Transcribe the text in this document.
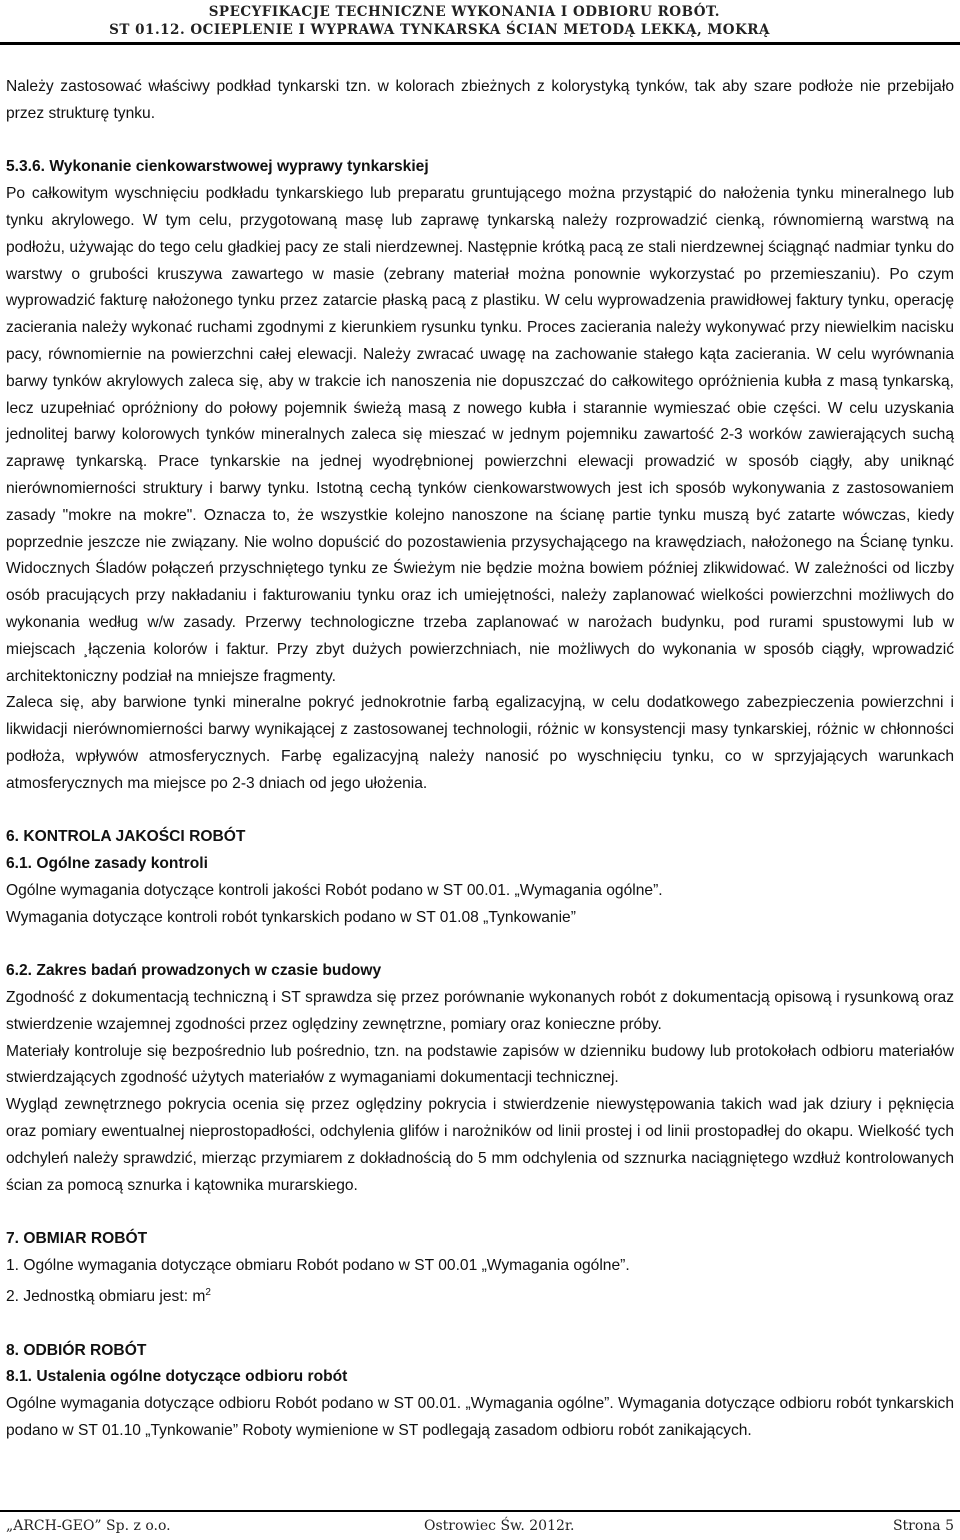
SPECYFIKACJE TECHNICZNE WYKONANIA I ODBIORU ROBÓT.
ST 01.12. OCIEPLENIE I WYPRAWA TYNKARSKA ŚCIAN METODĄ LEKKĄ, MOKRĄ

Należy zastosować właściwy podkład tynkarski tzn. w kolorach zbieżnych z kolorystyką tynków, tak aby szare podłoże nie przebijało przez strukturę tynku.

5.3.6. Wykonanie cienkowarstwowej wyprawy tynkarskiej

Po całkowitym wyschnięciu podkładu tynkarskiego lub preparatu gruntującego można przystąpić do nałożenia tynku mineralnego lub tynku akrylowego. W tym celu, przygotowaną masę lub zaprawę tynkarską należy rozprowadzić cienką, równomierną warstwą na podłożu, używając do tego celu gładkiej pacy ze stali nierdzewnej. Następnie krótką pacą ze stali nierdzewnej ściągnąć nadmiar tynku do warstwy o grubości kruszywa zawartego w masie (zebrany materiał można ponownie wykorzystać po przemieszaniu). Po czym wyprowadzić fakturę nałożonego tynku przez zatarcie płaską pacą z plastiku. W celu wyprowadzenia prawidłowej faktury tynku, operację zacierania należy wykonać ruchami zgodnymi z kierunkiem rysunku tynku. Proces zacierania należy wykonywać przy niewielkim nacisku pacy, równomiernie na powierzchni całej elewacji. Należy zwracać uwagę na zachowanie stałego kąta zacierania. W celu wyrównania barwy tynków akrylowych zaleca się, aby w trakcie ich nanoszenia nie dopuszczać do całkowitego opróżnienia kubła z masą tynkarską, lecz uzupełniać opróżniony do połowy pojemnik świeżą masą z nowego kubła i starannie wymieszać obie części. W celu uzyskania jednolitej barwy kolorowych tynków mineralnych zaleca się mieszać w jednym pojemniku zawartość 2-3 worków zawierających suchą zaprawę tynkarską. Prace tynkarskie na jednej wyodrębnionej powierzchni elewacji prowadzić w sposób ciągły, aby uniknąć nierównomierności struktury i barwy tynku. Istotną cechą tynków cienkowarstwowych jest ich sposób wykonywania z zastosowaniem zasady "mokre na mokre". Oznacza to, że wszystkie kolejno nanoszone na ścianę partie tynku muszą być zatarte wówczas, kiedy poprzednie jeszcze nie związany. Nie wolno dopuścić do pozostawienia przysychającego na krawędziach, nałożonego na Ścianę tynku. Widocznych Śladów połączeń przyschniętego tynku ze Świeżym nie będzie można bowiem później zlikwidować. W zależności od liczby osób pracujących przy nakładaniu i fakturowaniu tynku oraz ich umiejętności, należy zaplanować wielkości powierzchni możliwych do wykonania według w/w zasady. Przerwy technologiczne trzeba zaplanować w narożach budynku, pod rurami spustowymi lub w miejscach ¸łączenia kolorów i faktur. Przy zbyt dużych powierzchniach, nie możliwych do wykonania w sposób ciągły, wprowadzić architektoniczny podział na mniejsze fragmenty.

Zaleca się, aby barwione tynki mineralne pokryć jednokrotnie farbą egalizacyjną, w celu dodatkowego zabezpieczenia powierzchni i likwidacji nierównomierności barwy wynikającej z zastosowanej technologii, różnic w konsystencji masy tynkarskiej, różnic w chłonności podłoża, wpływów atmosferycznych. Farbę egalizacyjną należy nanosić po wyschnięciu tynku, co w sprzyjających warunkach atmosferycznych ma miejsce po 2-3 dniach od jego ułożenia.

6. KONTROLA JAKOŚCI ROBÓT
6.1. Ogólne zasady kontroli

Ogólne wymagania dotyczące kontroli jakości Robót podano w ST 00.01. „Wymagania ogólne”.

Wymagania dotyczące kontroli robót tynkarskich podano w ST 01.08 „Tynkowanie”

6.2. Zakres badań prowadzonych w czasie budowy

Zgodność z dokumentacją techniczną i ST sprawdza się przez porównanie wykonanych robót z dokumentacją opisową i rysunkową oraz stwierdzenie wzajemnej zgodności przez oględziny zewnętrzne, pomiary oraz konieczne próby.

Materiały kontroluje się bezpośrednio lub pośrednio, tzn. na podstawie zapisów w dzienniku budowy lub protokołach odbioru materiałów stwierdzających zgodność użytych materiałów z wymaganiami dokumentacji technicznej.

Wygląd zewnętrznego pokrycia ocenia się przez oględziny pokrycia i stwierdzenie niewystępowania takich wad jak dziury i pęknięcia oraz pomiary ewentualnej nieprostopadłości, odchylenia glifów i narożników od linii prostej i od linii prostopadłej do okapu. Wielkość tych odchyleń należy sprawdzić, mierząc przymiarem z dokładnością do 5 mm odchylenia od szznurka naciągniętego wzdłuż kontrolowanych ścian za pomocą sznurka i kątownika murarskiego.

7. OBMIAR ROBÓT

1. Ogólne wymagania dotyczące obmiaru Robót podano w ST 00.01 „Wymagania ogólne”.

2. Jednostką obmiaru jest: $m^2$

8. ODBIÓR ROBÓT
8.1. Ustalenia ogólne dotyczące odbioru robót

Ogólne wymagania dotyczące odbioru Robót podano w ST 00.01. „Wymagania ogólne”. Wymagania dotyczące odbioru robót tynkarskich podano w ST 01.10 „Tynkowanie” Roboty wymienione w ST podlegają zasadom odbioru robót zanikających.

„ARCH-GEO” Sp. z o.o.	Ostrowiec Św. 2012r.	Strona 5
